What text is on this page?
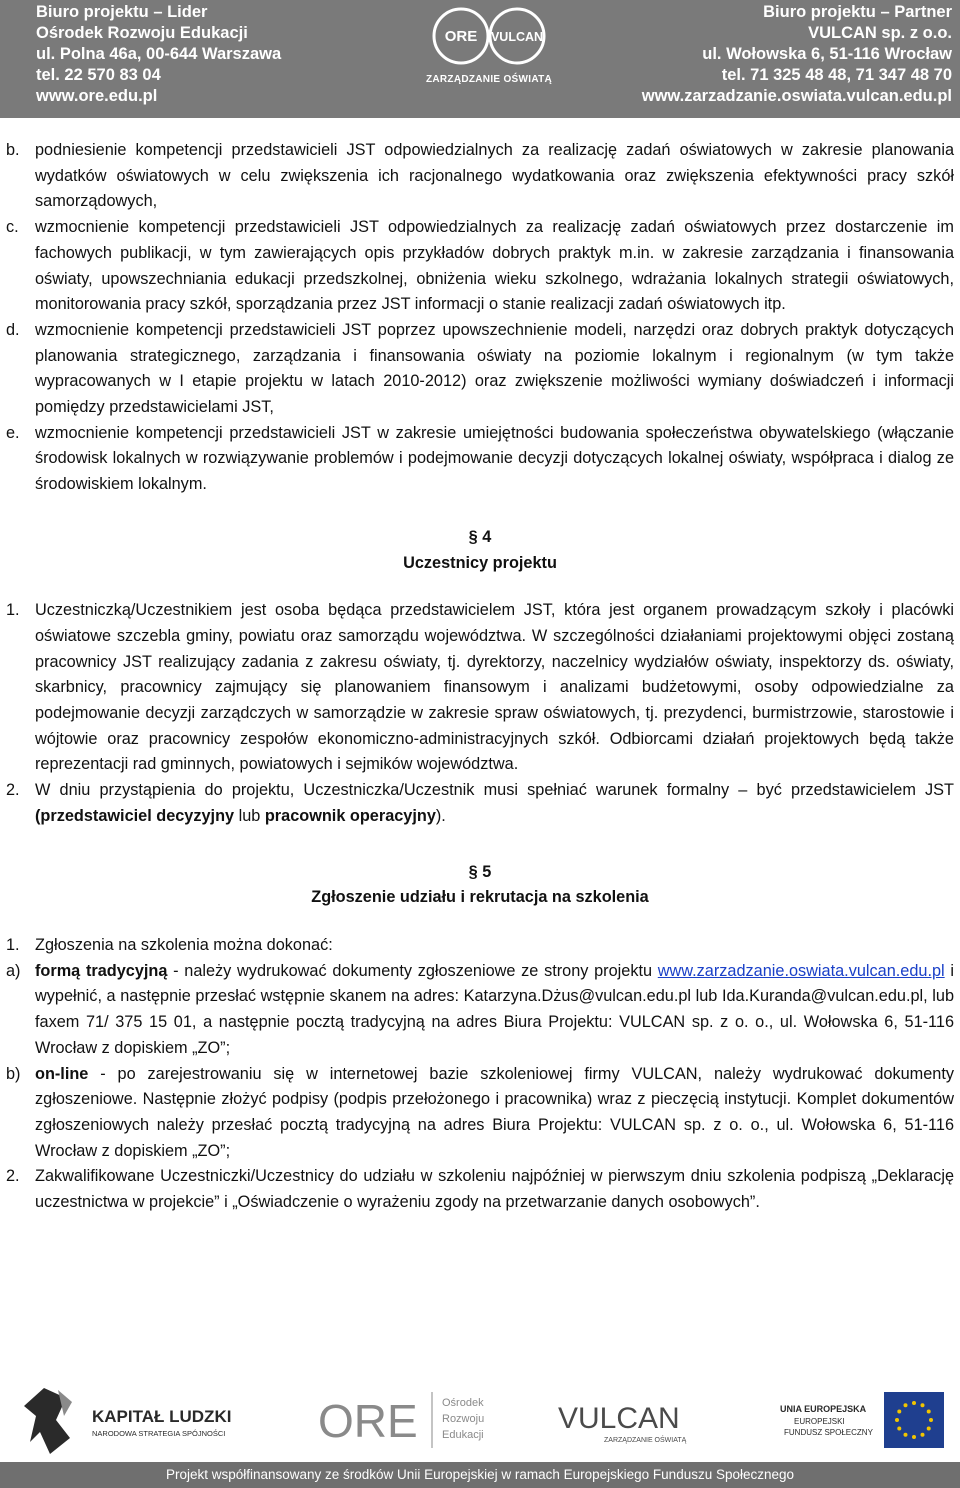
Biuro projektu – Lider
Ośrodek Rozwoju Edukacji
ul. Polna 46a, 00-644 Warszawa
tel. 22 570 83 04
www.ore.edu.pl
ORE VULCAN
ZARZĄDZANIE OŚWIATĄ
Biuro projektu – Partner
VULCAN sp. z o.o.
ul. Wołowska 6, 51-116 Wrocław
tel. 71 325 48 48, 71 347 48 70
www.zarzadzanie.oswiata.vulcan.edu.pl
b. podniesienie kompetencji przedstawicieli JST odpowiedzialnych za realizację zadań oświatowych w zakresie planowania wydatków oświatowych w celu zwiększenia ich racjonalnego wydatkowania oraz zwiększenia efektywności pracy szkół samorządowych,

c. wzmocnienie kompetencji przedstawicieli JST odpowiedzialnych za realizację zadań oświatowych przez dostarczenie im fachowych publikacji, w tym zawierających opis przykładów dobrych praktyk m.in. w zakresie zarządzania i finansowania oświaty, upowszechniania edukacji przedszkolnej, obniżenia wieku szkolnego, wdrażania lokalnych strategii oświatowych, monitorowania pracy szkół, sporządzania przez JST informacji o stanie realizacji zadań oświatowych itp.

d. wzmocnienie kompetencji przedstawicieli JST poprzez upowszechnienie modeli, narzędzi oraz dobrych praktyk dotyczących planowania strategicznego, zarządzania i finansowania oświaty na poziomie lokalnym i regionalnym (w tym także wypracowanych w I etapie projektu w latach 2010-2012) oraz zwiększenie możliwości wymiany doświadczeń i informacji pomiędzy przedstawicielami JST,

e. wzmocnienie kompetencji przedstawicieli JST w zakresie umiejętności budowania społeczeństwa obywatelskiego (włączanie środowisk lokalnych w rozwiązywanie problemów i podejmowanie decyzji dotyczących lokalnej oświaty, współpraca i dialog ze środowiskiem lokalnym.

§ 4

Uczestnicy projektu

1. Uczestniczką/Uczestnikiem jest osoba będąca przedstawicielem JST, która jest organem prowadzącym szkoły i placówki oświatowe szczebla gminy, powiatu oraz samorządu województwa. W szczególności działaniami projektowymi objęci zostaną pracownicy JST realizujący zadania z zakresu oświaty, tj. dyrektorzy, naczelnicy wydziałów oświaty, inspektorzy ds. oświaty, skarbnicy, pracownicy zajmujący się planowaniem finansowym i analizami budżetowymi, osoby odpowiedzialne za podejmowanie decyzji zarządczych w samorządzie w zakresie spraw oświatowych, tj. prezydenci, burmistrzowie, starostowie i wójtowie oraz pracownicy zespołów ekonomiczno-administracyjnych szkół. Odbiorcami działań projektowych będą także reprezentacji rad gminnych, powiatowych i sejmików województwa.

2. W dniu przystąpienia do projektu, Uczestniczka/Uczestnik musi spełniać warunek formalny – być przedstawicielem JST (przedstawiciel decyzyjny lub pracownik operacyjny).

§ 5

Zgłoszenie udziału i rekrutacja na szkolenia

1. Zgłoszenia na szkolenia można dokonać:

a) formą tradycyjną - należy wydrukować dokumenty zgłoszeniowe ze strony projektu www.zarzadzanie.oswiata.vulcan.edu.pl i wypełnić, a następnie przesłać wstępnie skanem na adres: Katarzyna.Dżus@vulcan.edu.pl lub Ida.Kuranda@vulcan.edu.pl, lub faxem 71/ 375 15 01, a następnie pocztą tradycyjną na adres Biura Projektu: VULCAN sp. z o. o., ul. Wołowska 6, 51-116 Wrocław z dopiskiem „ZO”;

b) on-line - po zarejestrowaniu się w internetowej bazie szkoleniowej firmy VULCAN, należy wydrukować dokumenty zgłoszeniowe. Następnie złożyć podpisy (podpis przełożonego i pracownika) wraz z pieczęcią instytucji. Komplet dokumentów zgłoszeniowych należy przesłać pocztą tradycyjną na adres Biura Projektu: VULCAN sp. z o. o., ul. Wołowska 6, 51-116 Wrocław z dopiskiem „ZO”;

2. Zakwalifikowane Uczestniczki/Uczestnicy do udziału w szkoleniu najpóźniej w pierwszym dniu szkolenia podpiszą „Deklarację uczestnictwa w projekcie” i „Oświadczenie o wyrażeniu zgody na przetwarzanie danych osobowych”.

KAPITAŁ LUDZKI
NARODOWA STRATEGIA SPÓJNOŚCI ORE Ośrodek
Rozwoju
Edukacji VULCAN
ZARZĄDZANIE OŚWIATĄ
UNIA EUROPEJSKA
EUROPEJSKI
FUNDUSZ SPOŁECZNY
Projekt współfinansowany ze środków Unii Europejskiej w ramach Europejskiego Funduszu Społecznego
